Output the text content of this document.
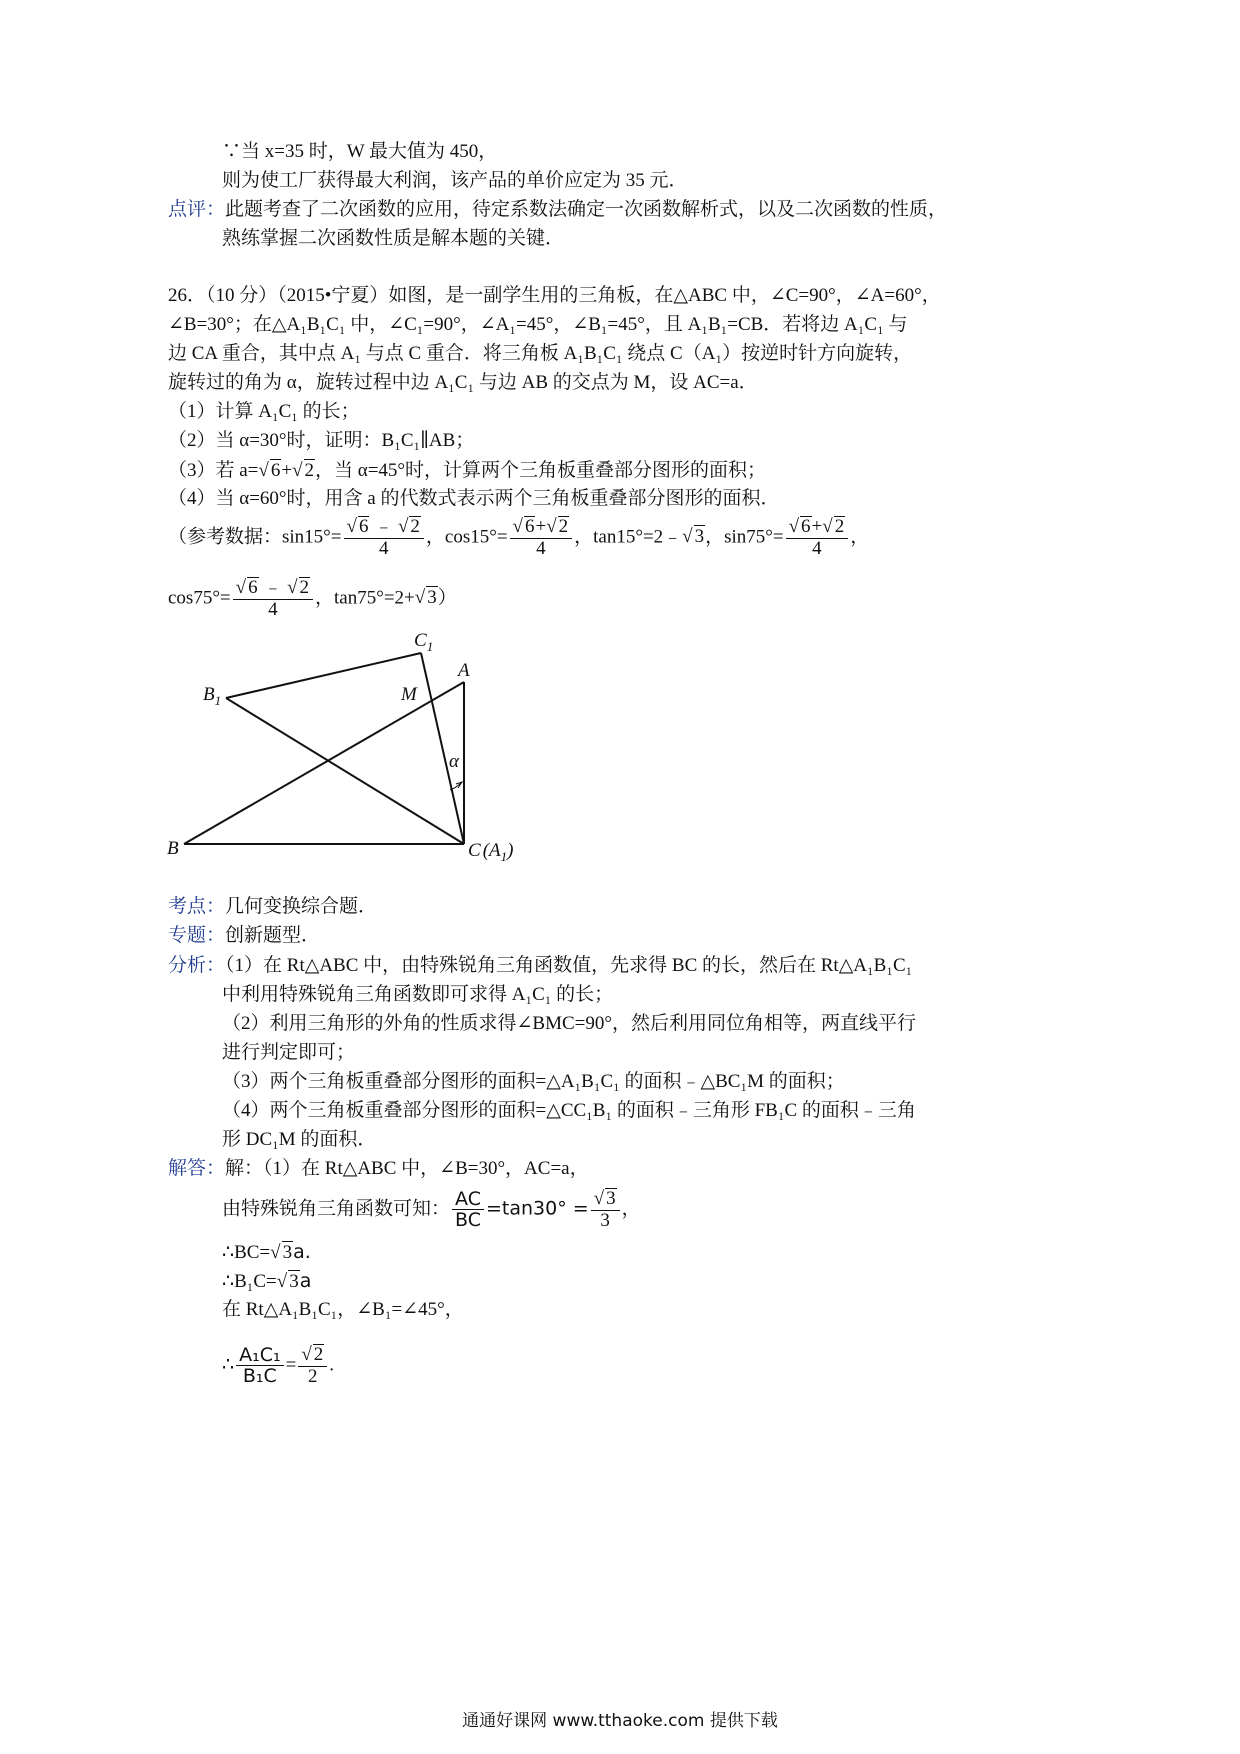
∵当 x=35 时，W 最大值为 450，
则为使工厂获得最大利润，该产品的单价应定为 35 元．
点评：此题考查了二次函数的应用，待定系数法确定一次函数解析式，以及二次函数的性质，
熟练掌握二次函数性质是解本题的关键．
26．（10 分）（2015•宁夏）如图，是一副学生用的三角板，在△ABC 中，∠C=90°，∠A=60°，
∠B=30°；在△A₁B₁C₁ 中，∠C₁=90°，∠A₁=45°，∠B₁=45°，且 A₁B₁=CB．若将边 A₁C₁ 与
边 CA 重合，其中点 A₁ 与点 C 重合．将三角板 A₁B₁C₁ 绕点 C（A₁）按逆时针方向旋转，
旋转过的角为 α，旋转过程中边 A₁C₁ 与边 AB 的交点为 M，设 AC=a．
（1）计算 A₁C₁ 的长；
（2）当 α=30°时，证明：B₁C₁∥AB；
（3）若 a=√ 6+√ 2，当 α=45°时，计算两个三角板重叠部分图形的面积；
（4）当 α=60°时，用含 a 的代数式表示两个三角板重叠部分图形的面积．
（参考数据：$\sin 15^\circ= \frac{√ 6 ﹣ √ 2}{4}$ ，$\cos 15^\circ= \frac{√ 6+√ 2}{4}$ ，tan15°=2﹣√ 3，$\sin 75^\circ= \frac{√ 6+√ 2}{4}$ ，
$\cos 75^\circ= \frac{√ 6 ﹣ √ 2}{4}$ ，tan75°=2+√ 3）
$B_1$
$C_1$
A
M
α
B	C $(A_1)$
考点：几何变换综合题．
专题：创新题型．
分析：（1）在 Rt△ABC 中，由特殊锐角三角函数值，先求得 BC 的长，然后在 Rt△A₁B₁C₁
中利用特殊锐角三角函数即可求得 A₁C₁ 的长；
（2）利用三角形的外角的性质求得∠BMC=90°，然后利用同位角相等，两直线平行
进行判定即可；
（3）两个三角板重叠部分图形的面积=△A₁B₁C₁ 的面积﹣△BC₁M 的面积；
（4）两个三角板重叠部分图形的面积=△CC₁B₁ 的面积﹣三角形 FB₁C 的面积﹣三角
形 DC₁M 的面积．
解答：解：（1）在 Rt△ABC 中，∠B=30°，AC=a，
由特殊锐角三角函数可知： $\frac{AC}{BC} =\tan 30^\circ = \frac{√ 3}{3}$ ，
∴BC=√ 3a.
∴B₁C=√ 3a
在 Rt△A₁B₁C₁，∠B₁=∠45°，
∴ $\frac{\text{A₁C₁}}{\text{B₁C}} = \frac{√ 2}{2}$ .
通通好课网 www.tthaoke.com 提供下载
